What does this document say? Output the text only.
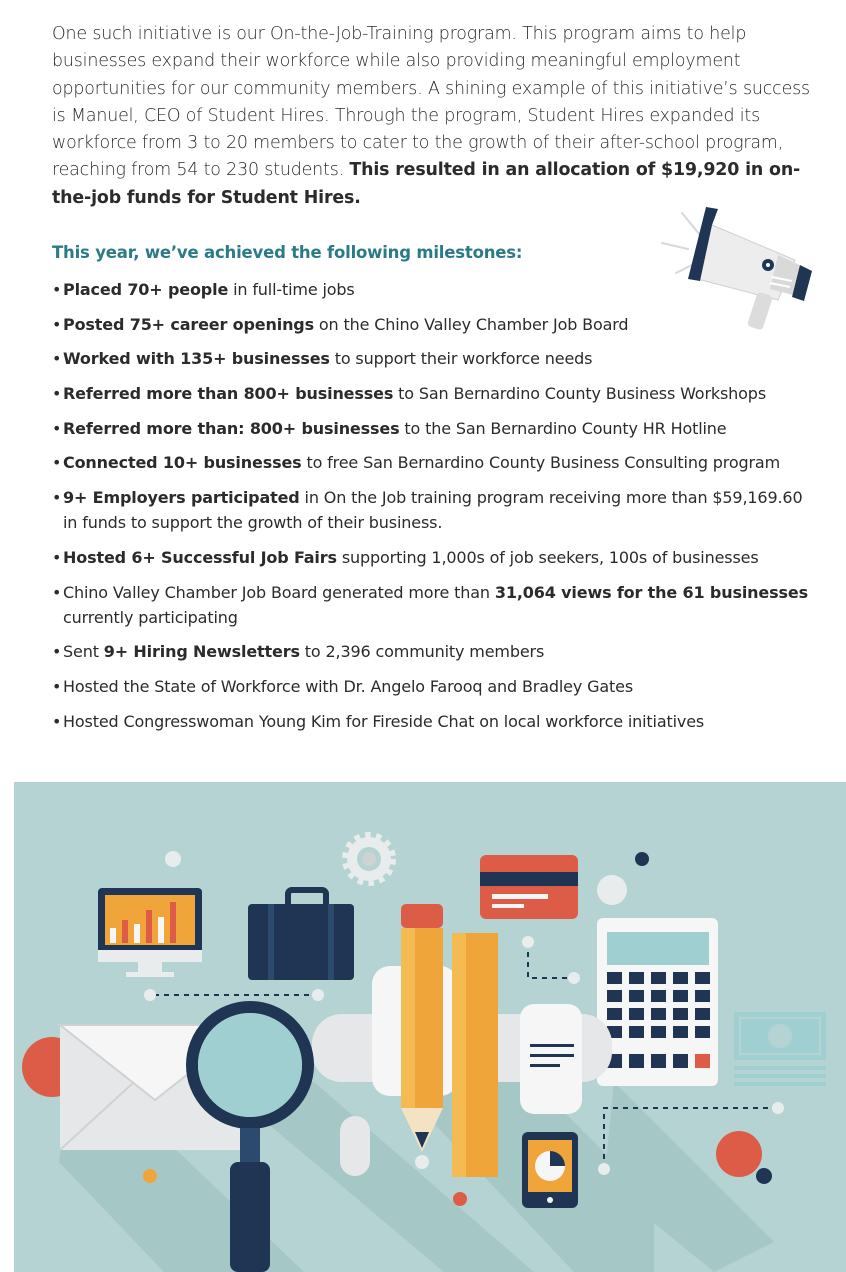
One such initiative is our On-the-Job-Training program. This program aims to help businesses expand their workforce while also providing meaningful employment opportunities for our community members. A shining example of this initiative’s success is Manuel, CEO of Student Hires. Through the program, Student Hires expanded its workforce from 3 to 20 members to cater to the growth of their after-school program, reaching from 54 to 230 students. This resulted in an allocation of $19,920 in on-the-job funds for Student Hires.

This year, we’ve achieved the following milestones:
• Placed 70+ people in full-time jobs
• Posted 75+ career openings on the Chino Valley Chamber Job Board
• Worked with 135+ businesses to support their workforce needs
• Referred more than 800+ businesses to San Bernardino County Business Workshops
• Referred more than: 800+ businesses to the San Bernardino County HR Hotline
• Connected 10+ businesses to free San Bernardino County Business Consulting program
• 9+ Employers participated in On the Job training program receiving more than $59,169.60 in funds to support the growth of their business.
• Hosted 6+ Successful Job Fairs supporting 1,000s of job seekers, 100s of businesses
• Chino Valley Chamber Job Board generated more than 31,064 views for the 61 businesses currently participating
• Sent 9+ Hiring Newsletters to 2,396 community members
• Hosted the State of Workforce with Dr. Angelo Farooq and Bradley Gates
• Hosted Congresswoman Young Kim for Fireside Chat on local workforce initiatives
